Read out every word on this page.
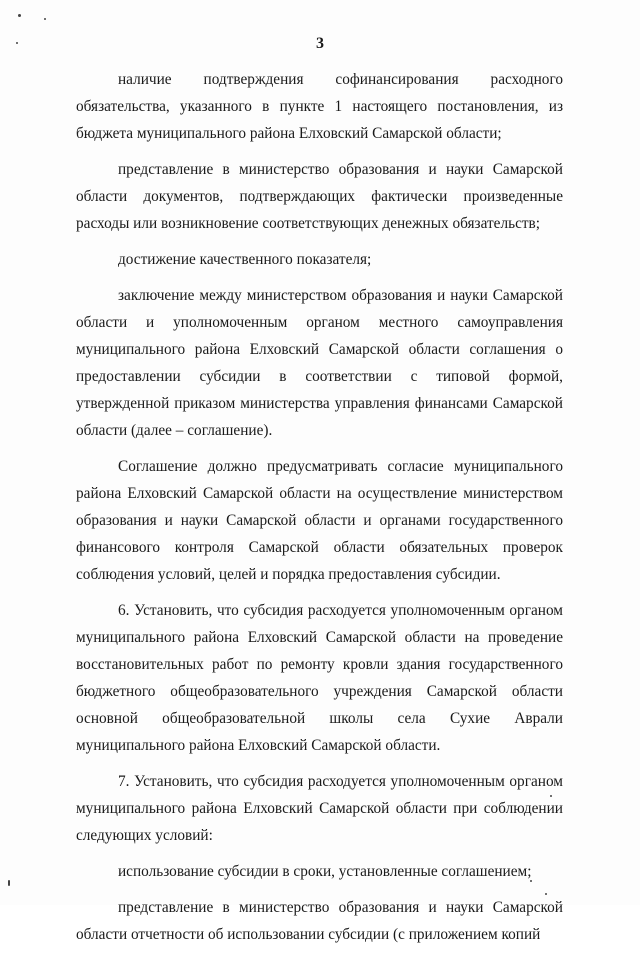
3

наличие подтверждения софинансирования расходного обязательства, указанного в пункте 1 настоящего постановления, из бюджета муниципального района Елховский Самарской области;

представление в министерство образования и науки Самарской области документов, подтверждающих фактически произведенные расходы или возникновение соответствующих денежных обязательств;

достижение качественного показателя;

заключение между министерством образования и науки Самарской области и уполномоченным органом местного самоуправления муниципального района Елховский Самарской области соглашения о предоставлении субсидии в соответствии с типовой формой, утвержденной приказом министерства управления финансами Самарской области (далее – соглашение).

Соглашение должно предусматривать согласие муниципального района Елховский Самарской области на осуществление министерством образования и науки Самарской области и органами государственного финансового контроля Самарской области обязательных проверок соблюдения условий, целей и порядка предоставления субсидии.

6. Установить, что субсидия расходуется уполномоченным органом муниципального района Елховский Самарской области на проведение восстановительных работ по ремонту кровли здания государственного бюджетного общеобразовательного учреждения Самарской области основной общеобразовательной школы села Сухие Аврали муниципального района Елховский Самарской области.

7. Установить, что субсидия расходуется уполномоченным органом муниципального района Елховский Самарской области при соблюдении следующих условий:

использование субсидии в сроки, установленные соглашением;

представление в министерство образования и науки Самарской области отчетности об использовании субсидии (с приложением копий
